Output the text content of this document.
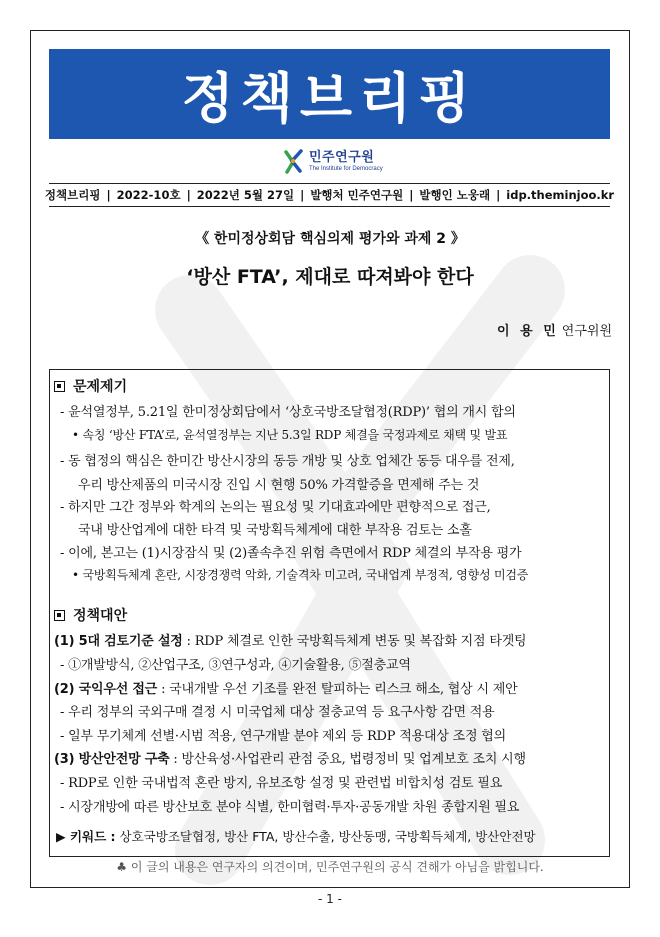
정책브리핑
민주연구원
The Institute for Democracy
정책브리핑 | 2022-10호 | 2022년 5월 27일 | 발행처 민주연구원 | 발행인 노웅래 | idp.theminjoo.kr
《 한미정상회담 핵심의제 평가와 과제 2 》
‘방산 FTA’, 제대로 따져봐야 한다
이 용 민 연구위원
문제제기
- 윤석열정부, 5.21일 한미정상회담에서 ‘상호국방조달협정(RDP)’ 협의 개시 합의
• 속칭 ‘방산 FTA’로, 윤석열정부는 지난 5.3일 RDP 체결을 국정과제로 채택 및 발표
- 동 협정의 핵심은 한미간 방산시장의 동등 개방 및 상호 업체간 동등 대우를 전제,
우리 방산제품의 미국시장 진입 시 현행 50% 가격할증을 면제해 주는 것
- 하지만 그간 정부와 학계의 논의는 필요성 및 기대효과에만 편향적으로 접근,
국내 방산업계에 대한 타격 및 국방획득체계에 대한 부작용 검토는 소홀
- 이에, 본고는 (1)시장잠식 및 (2)졸속추진 위험 측면에서 RDP 체결의 부작용 평가
• 국방획득체계 혼란, 시장경쟁력 악화, 기술격차 미고려, 국내업계 부정적, 영향성 미검증
정책대안
(1) 5대 검토기준 설정 : RDP 체결로 인한 국방획득체계 변동 및 복잡화 지점 타겟팅
- ①개발방식, ②산업구조, ③연구성과, ④기술활용, ⑤절충교역
(2) 국익우선 접근 : 국내개발 우선 기조를 완전 탈피하는 리스크 해소, 협상 시 제안
- 우리 정부의 국외구매 결정 시 미국업체 대상 절충교역 등 요구사항 감면 적용
- 일부 무기체계 선별·시범 적용, 연구개발 분야 제외 등 RDP 적용대상 조정 협의
(3) 방산안전망 구축 : 방산육성·사업관리 관점 중요, 법령정비 및 업계보호 조치 시행
- RDP로 인한 국내법적 혼란 방지, 유보조항 설정 및 관련법 비합치성 검토 필요
- 시장개방에 따른 방산보호 분야 식별, 한미협력·투자·공동개발 차원 종합지원 필요
▶ 키워드 : 상호국방조달협정, 방산 FTA, 방산수출, 방산동맹, 국방획득체계, 방산안전망
♣ 이 글의 내용은 연구자의 의견이며, 민주연구원의 공식 견해가 아님을 밝힙니다.
- 1 -
